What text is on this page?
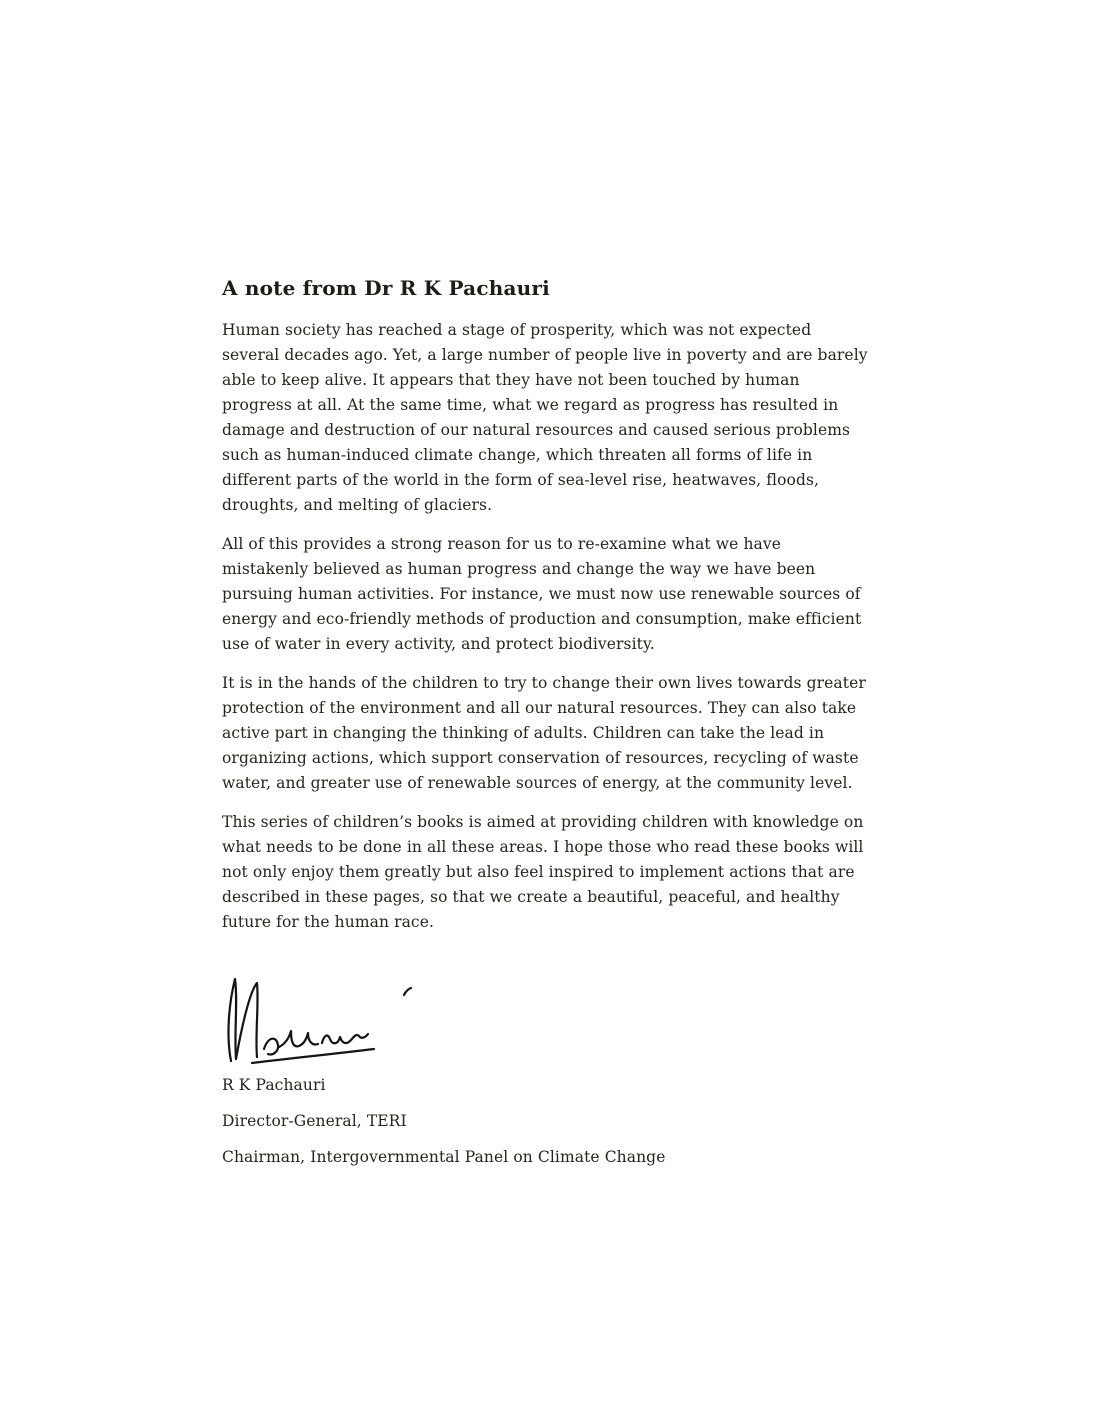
A note from Dr R K Pachauri

Human society has reached a stage of prosperity, which was not expected several decades ago. Yet, a large number of people live in poverty and are barely able to keep alive. It appears that they have not been touched by human progress at all. At the same time, what we regard as progress has resulted in damage and destruction of our natural resources and caused serious problems such as human-induced climate change, which threaten all forms of life in different parts of the world in the form of sea-level rise, heatwaves, floods, droughts, and melting of glaciers.

All of this provides a strong reason for us to re-examine what we have mistakenly believed as human progress and change the way we have been pursuing human activities. For instance, we must now use renewable sources of energy and eco-friendly methods of production and consumption, make efficient use of water in every activity, and protect biodiversity.

It is in the hands of the children to try to change their own lives towards greater protection of the environment and all our natural resources. They can also take active part in changing the thinking of adults. Children can take the lead in organizing actions, which support conservation of resources, recycling of waste water, and greater use of renewable sources of energy, at the community level.

This series of children’s books is aimed at providing children with knowledge on what needs to be done in all these areas. I hope those who read these books will not only enjoy them greatly but also feel inspired to implement actions that are described in these pages, so that we create a beautiful, peaceful, and healthy future for the human race.

R K Pachauri
Director-General, TERI
Chairman, Intergovernmental Panel on Climate Change
